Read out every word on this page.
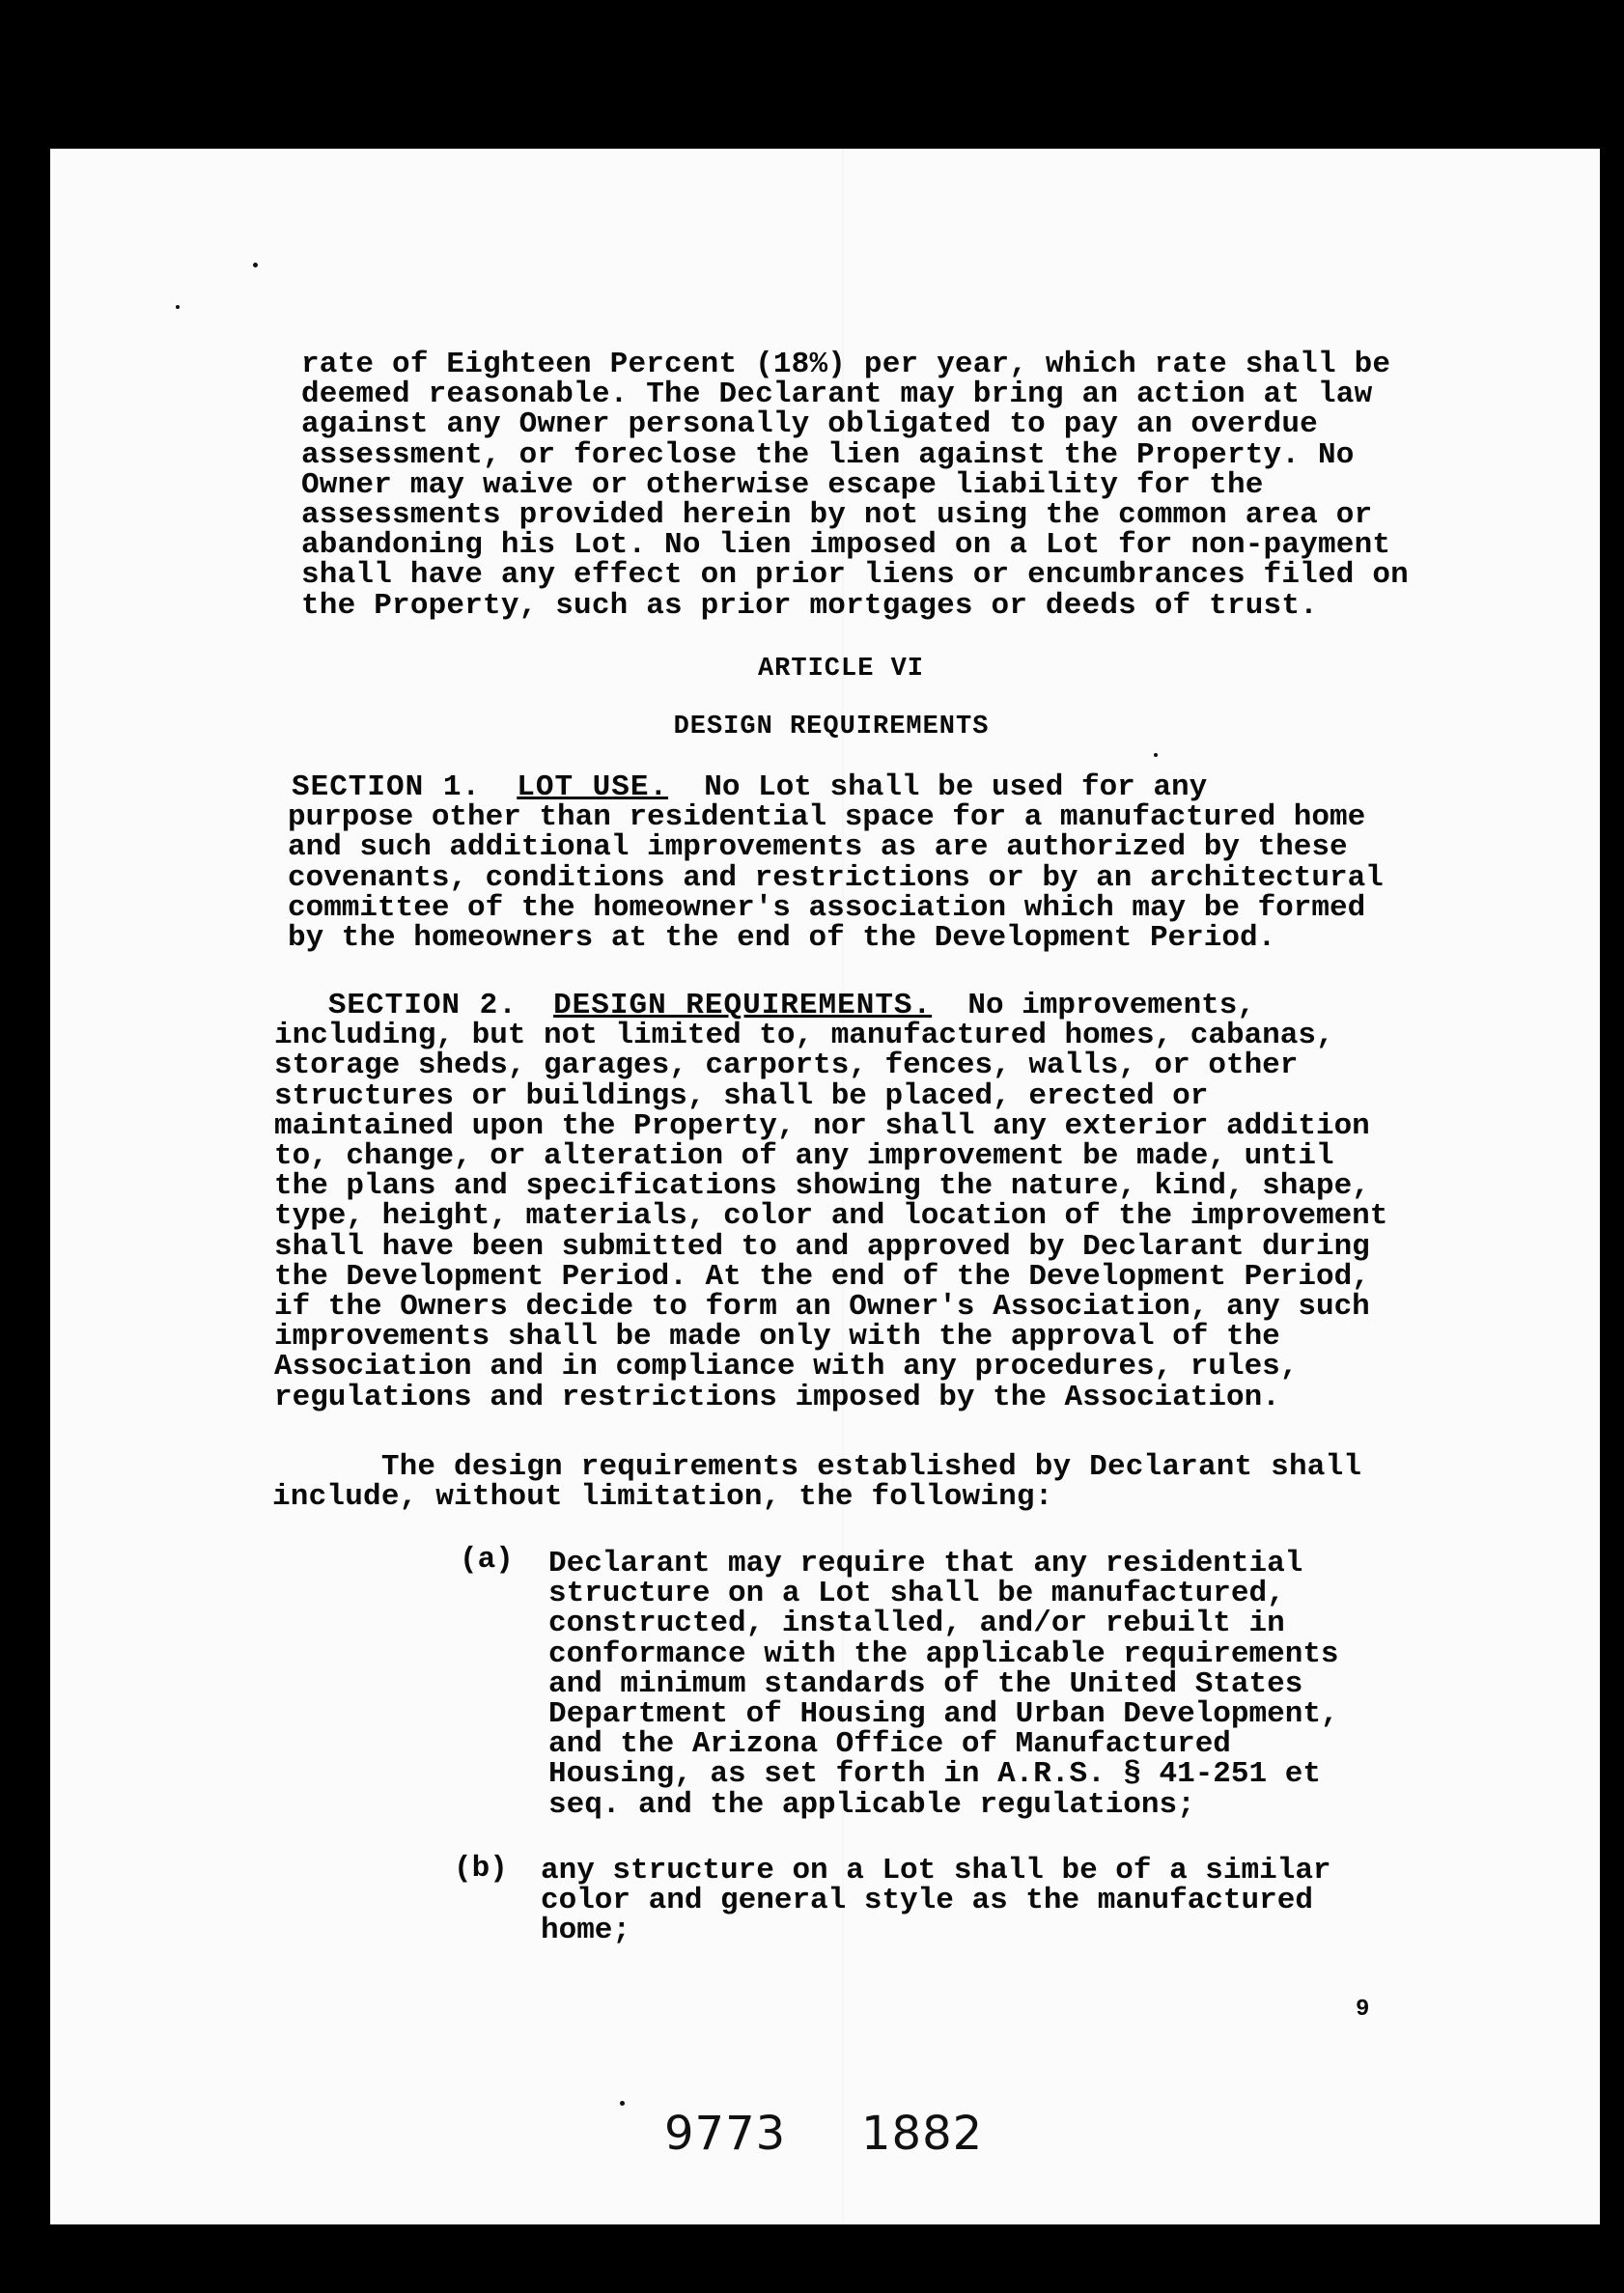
rate of Eighteen Percent (18%) per year, which rate shall be
deemed reasonable. The Declarant may bring an action at law
against any Owner personally obligated to pay an overdue
assessment, or foreclose the lien against the Property. No
Owner may waive or otherwise escape liability for the
assessments provided herein by not using the common area or
abandoning his Lot. No lien imposed on a Lot for non-payment
shall have any effect on prior liens or encumbrances filed on
the Property, such as prior mortgages or deeds of trust.
ARTICLE VI
DESIGN REQUIREMENTS
SECTION 1. LOT USE. No Lot shall be used for any
purpose other than residential space for a manufactured home
and such additional improvements as are authorized by these
covenants, conditions and restrictions or by an architectural
committee of the homeowner's association which may be formed
by the homeowners at the end of the Development Period.
SECTION 2. DESIGN REQUIREMENTS. No improvements,
including, but not limited to, manufactured homes, cabanas,
storage sheds, garages, carports, fences, walls, or other
structures or buildings, shall be placed, erected or
maintained upon the Property, nor shall any exterior addition
to, change, or alteration of any improvement be made, until
the plans and specifications showing the nature, kind, shape,
type, height, materials, color and location of the improvement
shall have been submitted to and approved by Declarant during
the Development Period. At the end of the Development Period,
if the Owners decide to form an Owner's Association, any such
improvements shall be made only with the approval of the
Association and in compliance with any procedures, rules,
regulations and restrictions imposed by the Association.
The design requirements established by Declarant shall
include, without limitation, the following:
(a) Declarant may require that any residential
structure on a Lot shall be manufactured,
constructed, installed, and/or rebuilt in
conformance with the applicable requirements
and minimum standards of the United States
Department of Housing and Urban Development,
and the Arizona Office of Manufactured
Housing, as set forth in A.R.S. § 41-251 et
seq. and the applicable regulations;
(b) any structure on a Lot shall be of a similar
color and general style as the manufactured
home;
9
9773 1882
